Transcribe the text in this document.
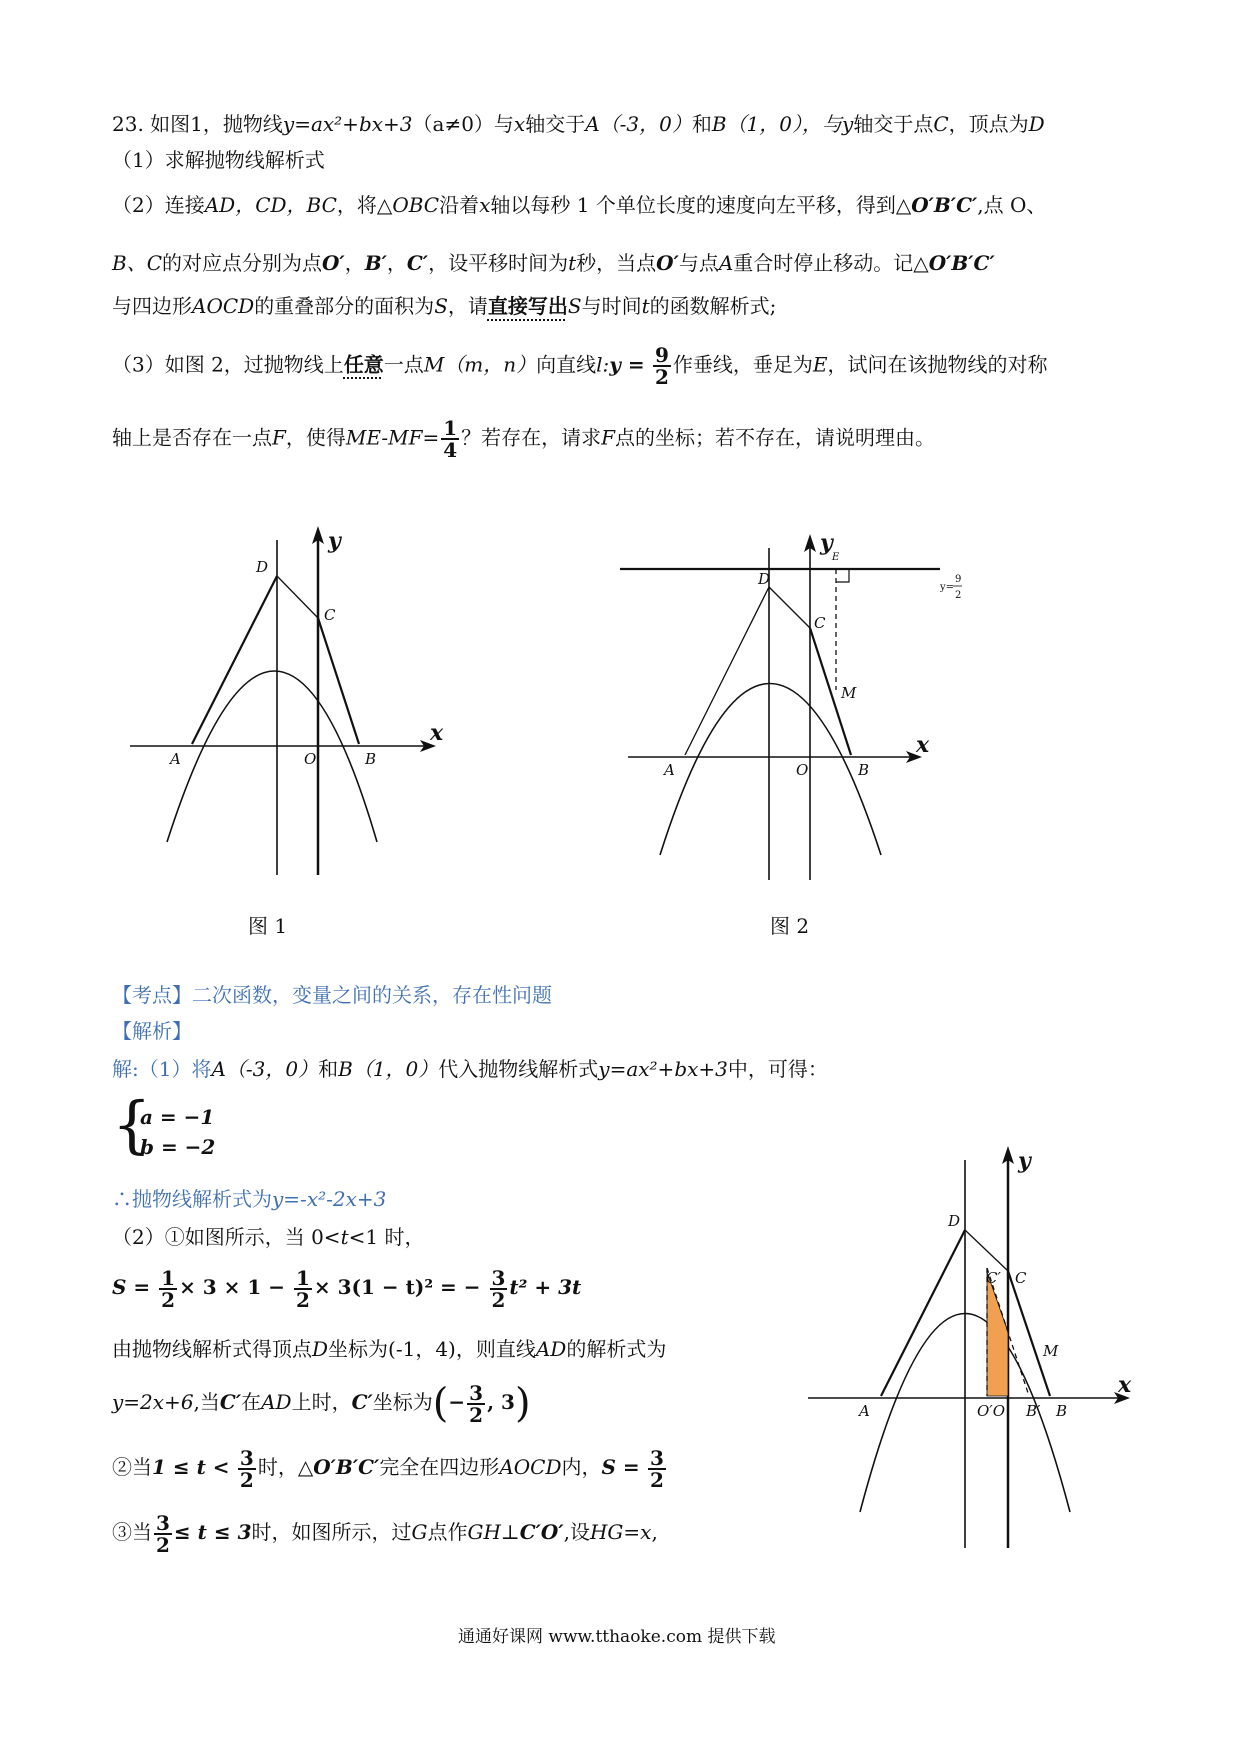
23. 如图1，抛物线y=ax²+bx+3（a≠0）与x轴交于A（-3，0）和B（1，0），与y轴交于点C，顶点为D
（1）求解抛物线解析式
（2）连接AD，CD，BC，将△OBC沿着x轴以每秒 1 个单位长度的速度向左平移，得到△O′B′C′,点 O、
B、C的对应点分别为点O′，B′，C′，设平移时间为t秒，当点O′与点A重合时停止移动。记△O′B′C′
与四边形AOCD的重叠部分的面积为S，请直接写出S与时间t的函数解析式;
（3）如图 2，过抛物线上任意一点M（m，n）向直线l:y = $\frac{9}{2}$ 作垂线，垂足为E，试问在该抛物线的对称
轴上是否存在一点F，使得$ME-MF= \frac{1}{4}$ ？若存在，请求F点的坐标；若不存在，请说明理由。
D
C
A	O	B
x
y
图 1
y=
9
2
D
C
E
M
A	O	B
x
y
图 2
【考点】二次函数，变量之间的关系，存在性问题
【解析】
解:（1）将A（-3，0）和B（1，0）代入抛物线解析式y=ax²+bx+3中，可得：
{
a = −1
b = −2
∴抛物线解析式为y=-x²-2x+3
（2）①如图所示，当 0<t<1 时，
$S = \frac{1}{2} \times 3 \times 1 - \frac{1}{2} \times 3(1 - t)^2$ = − $\frac{3}{2} t^2 + 3t$
由抛物线解析式得顶点D坐标为(-1，4)，则直线AD的解析式为
y=2x+6,当C′在AD上时，C′坐标为(− $\frac{3}{2}$ , 3)
②当$1 \le t < \frac{3}{2}$ 时，△O′B′C′完全在四边形AOCD内，$S = \frac{3}{2}$
③当 $\frac{3}{2} \le t \le 3$时，如图所示，过G点作GH⊥C′O′,设HG=x,
D
C′ C
M
A	O′O B′ B
x
y
通通好课网 www.tthaoke.com 提供下载
